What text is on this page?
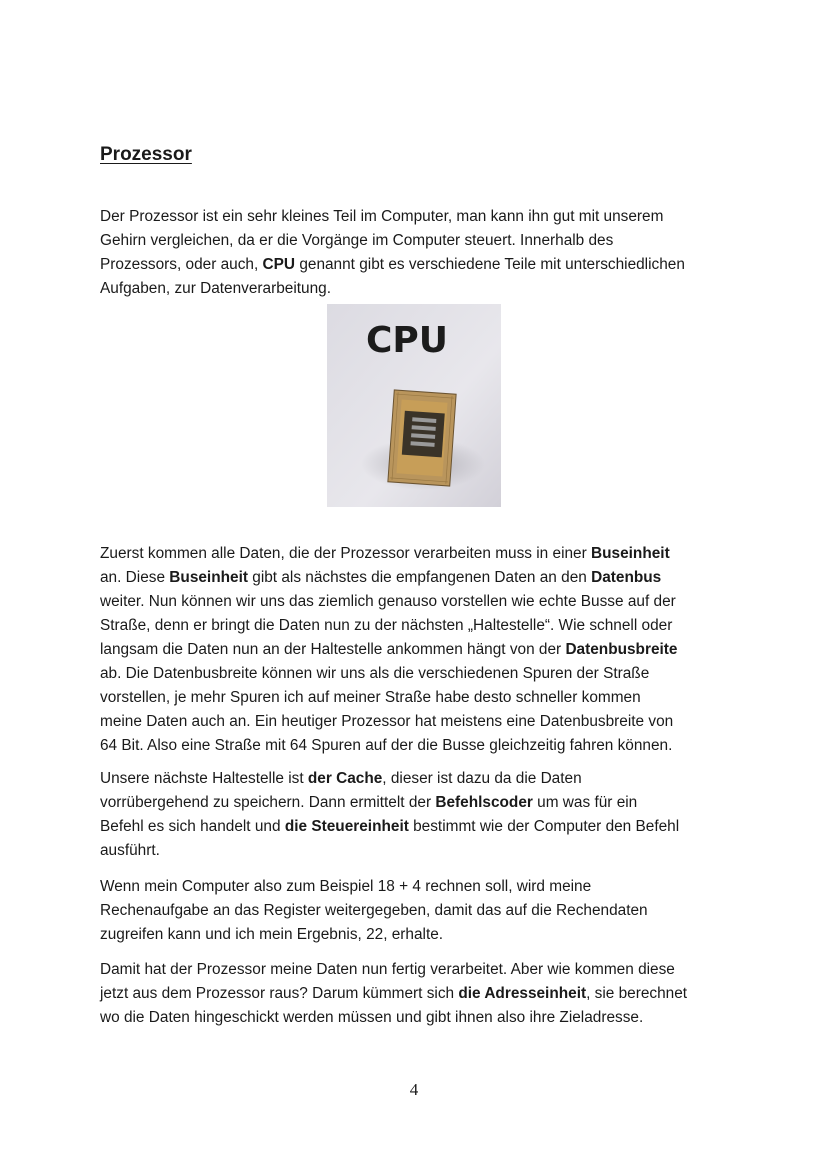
Prozessor

Der Prozessor ist ein sehr kleines Teil im Computer, man kann ihn gut mit unserem
Gehirn vergleichen, da er die Vorgänge im Computer steuert. Innerhalb des
Prozessors, oder auch, CPU genannt gibt es verschiedene Teile mit unterschiedlichen
Aufgaben, zur Datenverarbeitung.

CPU

Zuerst kommen alle Daten, die der Prozessor verarbeiten muss in einer Buseinheit
an. Diese Buseinheit gibt als nächstes die empfangenen Daten an den Datenbus
weiter. Nun können wir uns das ziemlich genauso vorstellen wie echte Busse auf der
Straße, denn er bringt die Daten nun zu der nächsten „Haltestelle“. Wie schnell oder
langsam die Daten nun an der Haltestelle ankommen hängt von der Datenbusbreite
ab. Die Datenbusbreite können wir uns als die verschiedenen Spuren der Straße
vorstellen, je mehr Spuren ich auf meiner Straße habe desto schneller kommen
meine Daten auch an. Ein heutiger Prozessor hat meistens eine Datenbusbreite von
64 Bit. Also eine Straße mit 64 Spuren auf der die Busse gleichzeitig fahren können.

Unsere nächste Haltestelle ist der Cache, dieser ist dazu da die Daten
vorrübergehend zu speichern. Dann ermittelt der Befehlscoder um was für ein
Befehl es sich handelt und die Steuereinheit bestimmt wie der Computer den Befehl
ausführt.

Wenn mein Computer also zum Beispiel 18 + 4 rechnen soll, wird meine
Rechenaufgabe an das Register weitergegeben, damit das auf die Rechendaten
zugreifen kann und ich mein Ergebnis, 22, erhalte.

Damit hat der Prozessor meine Daten nun fertig verarbeitet. Aber wie kommen diese
jetzt aus dem Prozessor raus? Darum kümmert sich die Adresseinheit, sie berechnet
wo die Daten hingeschickt werden müssen und gibt ihnen also ihre Zieladresse.

4
